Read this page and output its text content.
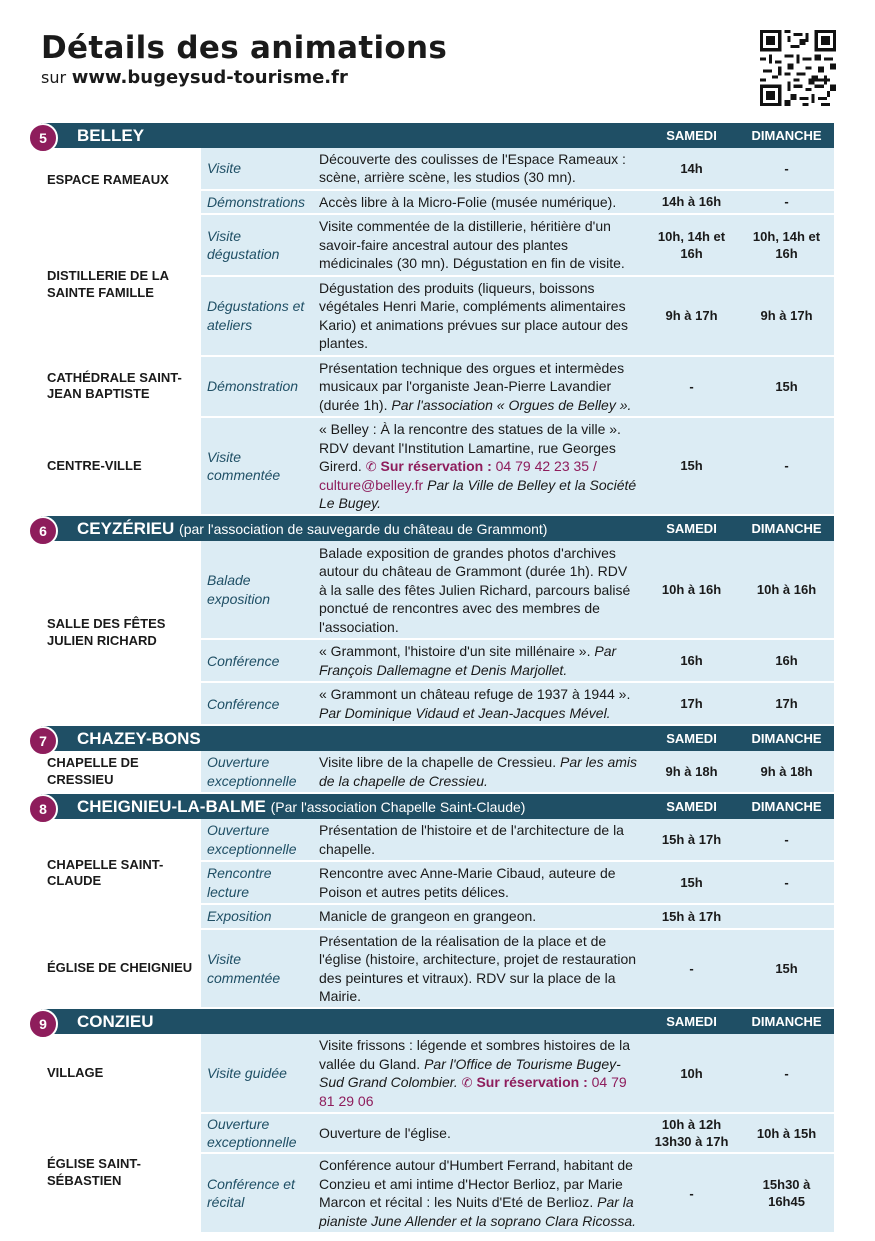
Détails des animations
sur www.bugeysud-tourisme.fr
5 BELLEY			SAMEDI	DIMANCHE
ESPACE RAMEAUX	Visite	Découverte des coulisses de l'Espace Rameaux : scène, arrière scène, les studios (30 mn).	14h	-
	Démonstrations	Accès libre à la Micro-Folie (musée numérique).	14h à 16h	-
DISTILLERIE DE LA SAINTE FAMILLE	Visite dégustation	Visite commentée de la distillerie, héritière d'un savoir-faire ancestral autour des plantes médicinales (30 mn). Dégustation en fin de visite.	10h, 14h et 16h	10h, 14h et 16h
	Dégustations et ateliers	Dégustation des produits (liqueurs, boissons végétales Henri Marie, compléments alimentaires Kario) et animations prévues sur place autour des plantes.	9h à 17h	9h à 17h
CATHÉDRALE SAINT-JEAN BAPTISTE	Démonstration	Présentation technique des orgues et intermèdes musicaux par l'organiste Jean-Pierre Lavandier (durée 1h). Par l'association « Orgues de Belley ».	-	15h
CENTRE-VILLE	Visite commentée	« Belley : À la rencontre des statues de la ville ». RDV devant l'Institution Lamartine, rue Georges Girerd. ✆ Sur réservation : 04 79 42 23 35 / culture@belley.fr Par la Ville de Belley et la Société Le Bugey.	15h	-

6 CEYZÉRIEU (par l'association de sauvegarde du château de Grammont)			SAMEDI	DIMANCHE
SALLE DES FÊTES JULIEN RICHARD	Balade exposition	Balade exposition de grandes photos d'archives autour du château de Grammont (durée 1h). RDV à la salle des fêtes Julien Richard, parcours balisé ponctué de rencontres avec des membres de l'association.	10h à 16h	10h à 16h
	Conférence	« Grammont, l'histoire d'un site millénaire ». Par François Dallemagne et Denis Marjollet.	16h	16h
	Conférence	« Grammont un château refuge de 1937 à 1944 ». Par Dominique Vidaud et Jean-Jacques Mével.	17h	17h

7 CHAZEY-BONS			SAMEDI	DIMANCHE
CHAPELLE DE CRESSIEU	Ouverture exceptionnelle	Visite libre de la chapelle de Cressieu. Par les amis de la chapelle de Cressieu.	9h à 18h	9h à 18h

8 CHEIGNIEU-LA-BALME (Par l'association Chapelle Saint-Claude)			SAMEDI	DIMANCHE
CHAPELLE SAINT-CLAUDE	Ouverture exceptionnelle	Présentation de l'histoire et de l'architecture de la chapelle.	15h à 17h	-
	Rencontre lecture	Rencontre avec Anne-Marie Cibaud, auteure de Poison et autres petits délices.	15h	-
	Exposition	Manicle de grangeon en grangeon.	15h à 17h	
ÉGLISE DE CHEIGNIEU	Visite commentée	Présentation de la réalisation de la place et de l'église (histoire, architecture, projet de restauration des peintures et vitraux). RDV sur la place de la Mairie.	-	15h

9 CONZIEU			SAMEDI	DIMANCHE
VILLAGE	Visite guidée	Visite frissons : légende et sombres histoires de la vallée du Gland. Par l'Office de Tourisme Bugey-Sud Grand Colombier. ✆ Sur réservation : 04 79 81 29 06	10h	-
ÉGLISE SAINT-SÉBASTIEN	Ouverture exceptionnelle	Ouverture de l'église.	10h à 12h 13h30 à 17h	10h à 15h
	Conférence et récital	Conférence autour d'Humbert Ferrand, habitant de Conzieu et ami intime d'Hector Berlioz, par Marie Marcon et récital : les Nuits d'Eté de Berlioz. Par la pianiste June Allender et la soprano Clara Ricossa.	-	15h30 à 16h45
